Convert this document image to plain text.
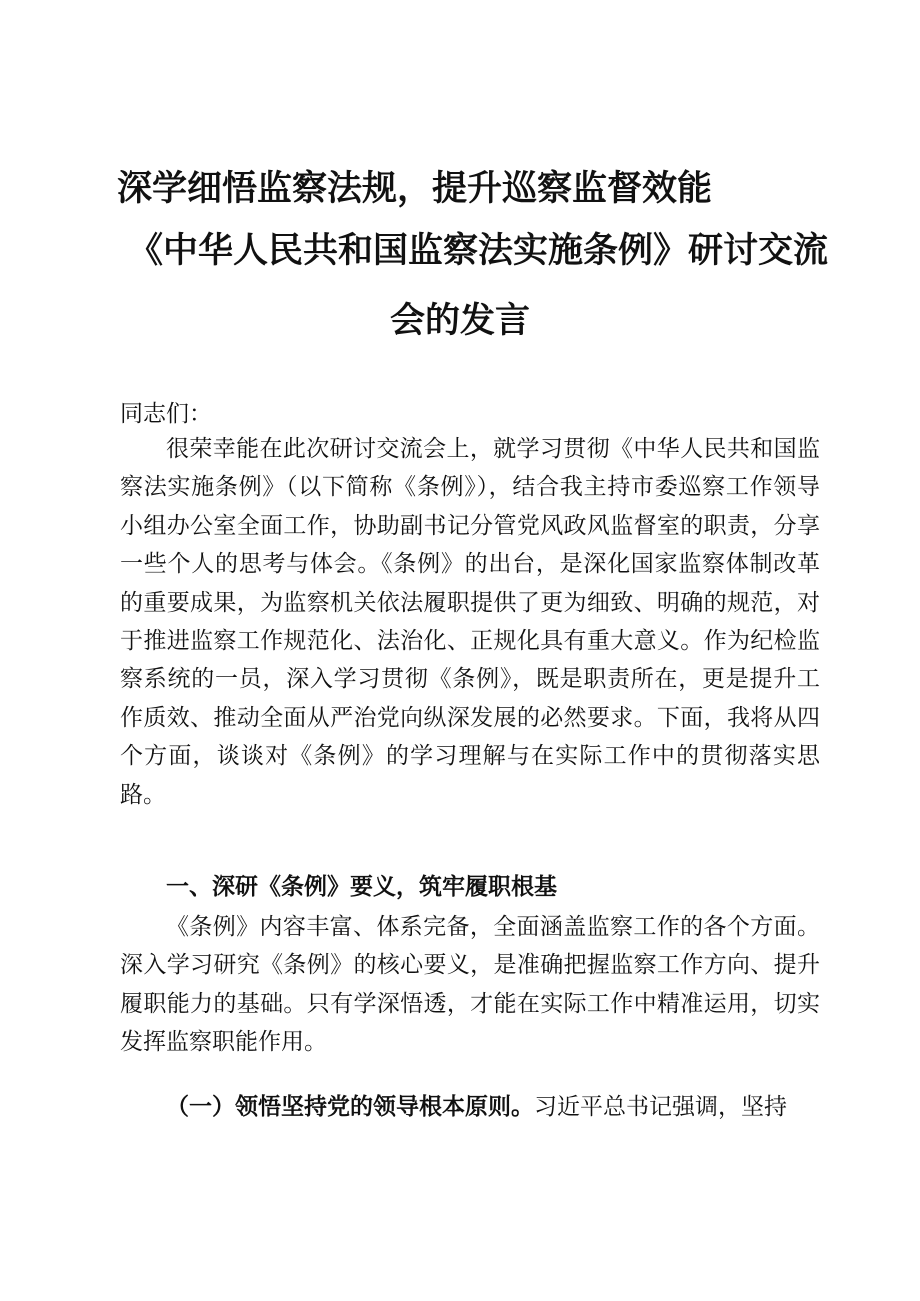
深学细悟监察法规，提升巡察监督效能
《中华人民共和国监察法实施条例》研讨交流
会的发言
同志们：
很荣幸能在此次研讨交流会上，就学习贯彻《中华人民共和国监察法实施条例》（以下简称《条例》），结合我主持市委巡察工作领导小组办公室全面工作，协助副书记分管党风政风监督室的职责，分享一些个人的思考与体会。《条例》的出台，是深化国家监察体制改革的重要成果，为监察机关依法履职提供了更为细致、明确的规范，对于推进监察工作规范化、法治化、正规化具有重大意义。作为纪检监察系统的一员，深入学习贯彻《条例》，既是职责所在，更是提升工作质效、推动全面从严治党向纵深发展的必然要求。下面，我将从四个方面，谈谈对《条例》的学习理解与在实际工作中的贯彻落实思路。
一、深研《条例》要义，筑牢履职根基
《条例》内容丰富、体系完备，全面涵盖监察工作的各个方面。深入学习研究《条例》的核心要义，是准确把握监察工作方向、提升履职能力的基础。只有学深悟透，才能在实际工作中精准运用，切实发挥监察职能作用。
（一）领悟坚持党的领导根本原则。习近平总书记强调，坚持
